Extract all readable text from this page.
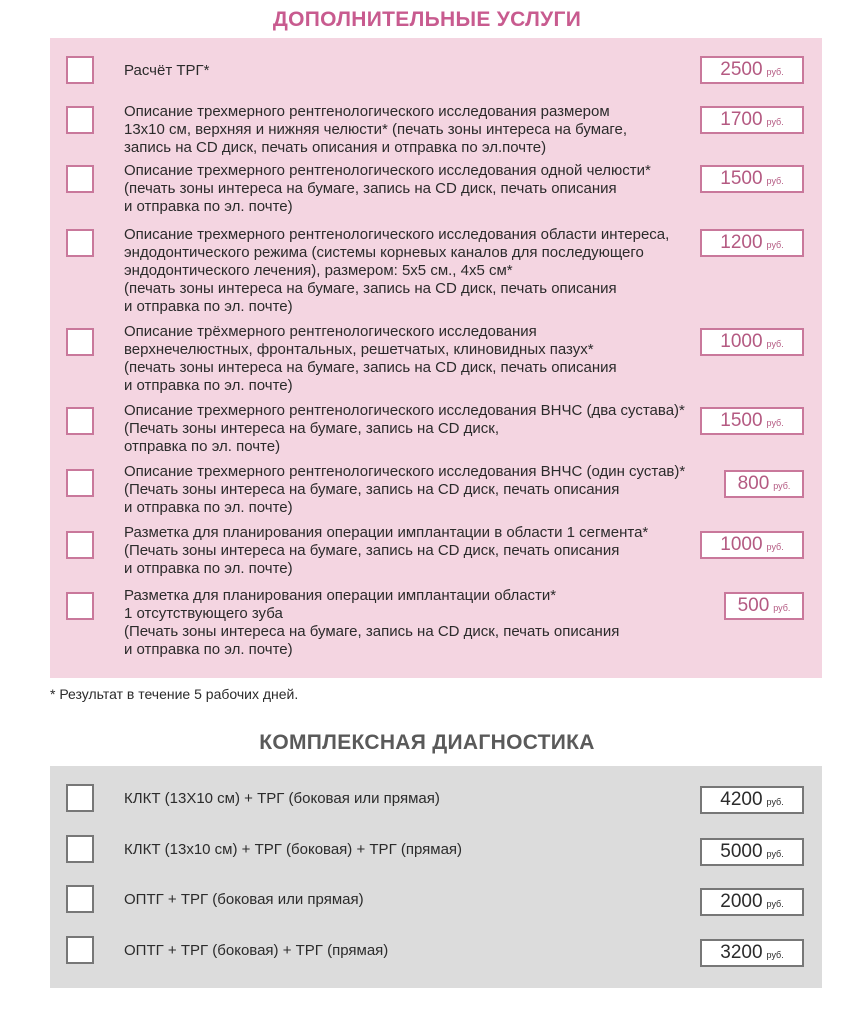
ДОПОЛНИТЕЛЬНЫЕ УСЛУГИ
Расчёт ТРГ*	2500 руб.
Описание трехмерного рентгенологического исследования размером
13х10 см, верхняя и нижняя челюсти* (печать зоны интереса на бумаге,
запись на CD диск, печать описания и отправка по эл.почте)
1700 руб.
Описание трехмерного рентгенологического исследования одной челюсти*
(печать зоны интереса на бумаге, запись на CD диск, печать описания
и отправка по эл. почте)
1500 руб.
Описание трехмерного рентгенологического исследования области интереса,
эндодонтического режима (системы корневых каналов для последующего
эндодонтического лечения), размером: 5х5 см., 4х5 см*
(печать зоны интереса на бумаге, запись на CD диск, печать описания
и отправка по эл. почте)
1200 руб.
Описание трёхмерного рентгенологического исследования
верхнечелюстных, фронтальных, решетчатых, клиновидных пазух*
(печать зоны интереса на бумаге, запись на CD диск, печать описания
и отправка по эл. почте)
1000 руб.
Описание трехмерного рентгенологического исследования ВНЧС (два сустава)*
(Печать зоны интереса на бумаге, запись на CD диск,
отправка по эл. почте)
1500 руб.
Описание трехмерного рентгенологического исследования ВНЧС (один сустав)*
(Печать зоны интереса на бумаге, запись на CD диск, печать описания
и отправка по эл. почте)
800 руб.
Разметка для планирования операции имплантации в области 1 сегмента*
(Печать зоны интереса на бумаге, запись на CD диск, печать описания
и отправка по эл. почте)
1000 руб.
Разметка для планирования операции имплантации области*
1 отсутствующего зуба
(Печать зоны интереса на бумаге, запись на CD диск, печать описания
и отправка по эл. почте)
500 руб.
* Результат в течение 5 рабочих дней.
КОМПЛЕКСНАЯ ДИАГНОСТИКА
КЛКТ (13Х10 см) + ТРГ (боковая или прямая)	4200 руб.
КЛКТ (13х10 см) + ТРГ (боковая) + ТРГ (прямая)	5000 руб.
ОПТГ + ТРГ (боковая или прямая)	2000 руб.
ОПТГ + ТРГ (боковая) + ТРГ (прямая)	3200 руб.
